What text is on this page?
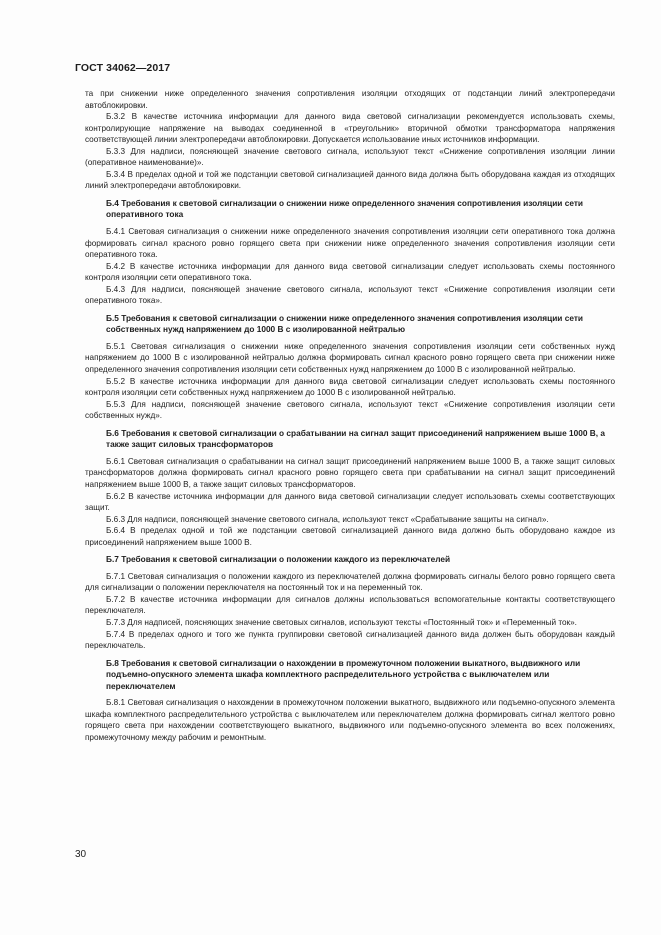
ГОСТ 34062—2017

та при снижении ниже определенного значения сопротивления изоляции отходящих от подстанции линий электропередачи автоблокировки.

Б.3.2 В качестве источника информации для данного вида световой сигнализации рекомендуется использовать схемы, контролирующие напряжение на выводах соединенной в «треугольник» вторичной обмотки трансформатора напряжения соответствующей линии электропередачи автоблокировки. Допускается использование иных источников информации.

Б.3.3 Для надписи, поясняющей значение светового сигнала, используют текст «Снижение сопротивления изоляции линии (оперативное наименование)».

Б.3.4 В пределах одной и той же подстанции световой сигнализацией данного вида должна быть оборудована каждая из отходящих линий электропередачи автоблокировки.

Б.4 Требования к световой сигнализации о снижении ниже определенного значения сопротивления изоляции сети оперативного тока

Б.4.1 Световая сигнализация о снижении ниже определенного значения сопротивления изоляции сети оперативного тока должна формировать сигнал красного ровно горящего света при снижении ниже определенного значения сопротивления изоляции сети оперативного тока.

Б.4.2 В качестве источника информации для данного вида световой сигнализации следует использовать схемы постоянного контроля изоляции сети оперативного тока.

Б.4.3 Для надписи, поясняющей значение светового сигнала, используют текст «Снижение сопротивления изоляции сети оперативного тока».

Б.5 Требования к световой сигнализации о снижении ниже определенного значения сопротивления изоляции сети собственных нужд напряжением до 1000 В с изолированной нейтралью

Б.5.1 Световая сигнализация о снижении ниже определенного значения сопротивления изоляции сети собственных нужд напряжением до 1000 В с изолированной нейтралью должна формировать сигнал красного ровно горящего света при снижении ниже определенного значения сопротивления изоляции сети собственных нужд напряжением до 1000 В с изолированной нейтралью.

Б.5.2 В качестве источника информации для данного вида световой сигнализации следует использовать схемы постоянного контроля изоляции сети собственных нужд напряжением до 1000 В с изолированной нейтралью.

Б.5.3 Для надписи, поясняющей значение светового сигнала, используют текст «Снижение сопротивления изоляции сети собственных нужд».

Б.6 Требования к световой сигнализации о срабатывании на сигнал защит присоединений напряжением выше 1000 В, а также защит силовых трансформаторов

Б.6.1 Световая сигнализация о срабатывании на сигнал защит присоединений напряжением выше 1000 В, а также защит силовых трансформаторов должна формировать сигнал красного ровно горящего света при срабатывании на сигнал защит присоединений напряжением выше 1000 В, а также защит силовых трансформаторов.

Б.6.2 В качестве источника информации для данного вида световой сигнализации следует использовать схемы соответствующих защит.

Б.6.3 Для надписи, поясняющей значение светового сигнала, используют текст «Срабатывание защиты на сигнал».

Б.6.4 В пределах одной и той же подстанции световой сигнализацией данного вида должно быть оборудовано каждое из присоединений напряжением выше 1000 В.

Б.7 Требования к световой сигнализации о положении каждого из переключателей

Б.7.1 Световая сигнализация о положении каждого из переключателей должна формировать сигналы белого ровно горящего света для сигнализации о положении переключателя на постоянный ток и на переменный ток.

Б.7.2 В качестве источника информации для сигналов должны использоваться вспомогательные контакты соответствующего переключателя.

Б.7.3 Для надписей, поясняющих значение световых сигналов, используют тексты «Постоянный ток» и «Переменный ток».

Б.7.4 В пределах одного и того же пункта группировки световой сигнализацией данного вида должен быть оборудован каждый переключатель.

Б.8 Требования к световой сигнализации о нахождении в промежуточном положении выкатного, выдвижного или подъемно-опускного элемента шкафа комплектного распределительного устройства с выключателем или переключателем

Б.8.1 Световая сигнализация о нахождении в промежуточном положении выкатного, выдвижного или подъемно-опускного элемента шкафа комплектного распределительного устройства с выключателем или переключателем должна формировать сигнал желтого ровно горящего света при нахождении соответствующего выкатного, выдвижного или подъемно-опускного элемента во всех положениях, промежуточному между рабочим и ремонтным.

30
